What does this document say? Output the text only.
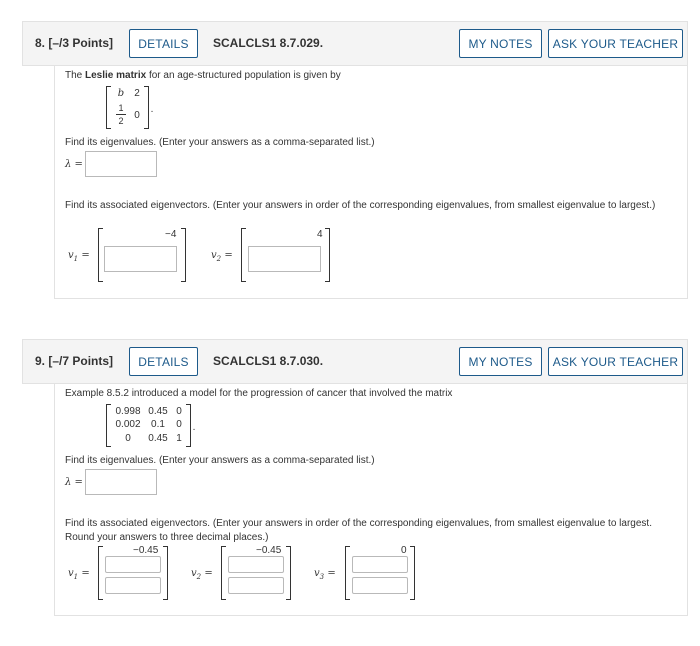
8. [–/3 Points]	DETAILS	SCALCLS1 8.7.029.	MY NOTES	ASK YOUR TEACHER
The Leslie matrix for an age-structured population is given by
b	2
1
2	0
.
Find its eigenvalues. (Enter your answers as a comma-separated list.)
λ =
Find its associated eigenvectors. (Enter your answers in order of the corresponding eigenvalues, from smallest eigenvalue to largest.)
$v_1$ =
−4
$v_2$ =
4
9. [–/7 Points]	DETAILS	SCALCLS1 8.7.030.	MY NOTES	ASK YOUR TEACHER
Example 8.5.2 introduced a model for the progression of cancer that involved the matrix
0.998 0.45 0
0.002	0.1	0
0	0.45 1
.
Find its eigenvalues. (Enter your answers as a comma-separated list.)
λ =
Find its associated eigenvectors. (Enter your answers in order of the corresponding eigenvalues, from smallest eigenvalue to largest. Round your answers to three decimal places.)
$v_1$ =
−0.45
$v_2$ =
−0.45
$v_3$ =
0
